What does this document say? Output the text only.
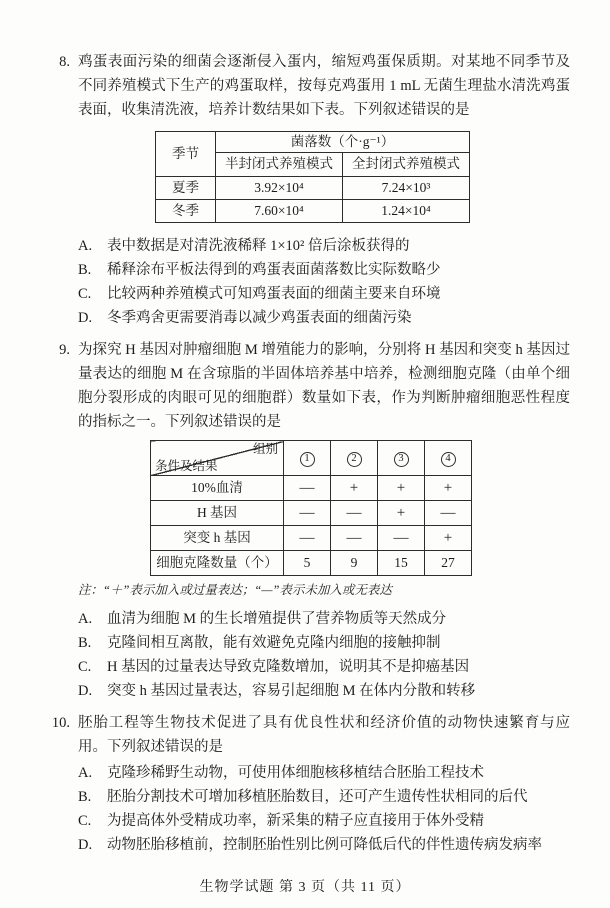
8. 鸡蛋表面污染的细菌会逐渐侵入蛋内，缩短鸡蛋保质期。对某地不同季节及不同养殖模式下生产的鸡蛋取样，按每克鸡蛋用 1 mL 无菌生理盐水清洗鸡蛋表面，收集清洗液，培养计数结果如下表。下列叙述错误的是

季节	菌落数（个·g⁻¹）	
	半封闭式养殖模式	全封闭式养殖模式
夏季	3.92×10⁴	7.24×10³
冬季	7.60×10⁴	1.24×10⁴
A.	表中数据是对清洗液稀释 1×10² 倍后涂板获得的
B.	稀释涂布平板法得到的鸡蛋表面菌落数比实际数略少
C.	比较两种养殖模式可知鸡蛋表面的细菌主要来自环境
D.	冬季鸡舍更需要消毒以减少鸡蛋表面的细菌污染
9. 为探究 H 基因对肿瘤细胞 M 增殖能力的影响，分别将 H 基因和突变 h 基因过量表达的细胞 M 在含琼脂的半固体培养基中培养，检测细胞克隆（由单个细胞分裂形成的肉眼可见的细胞群）数量如下表，作为判断肿瘤细胞恶性程度的指标之一。下列叙述错误的是

组别
条件及结果	1	2	3	4
10%血清	—	+	+	+
H 基因	—	—	+	—
突变 h 基因	—	—	—	+
细胞克隆数量（个）	5	9	15	27

注：“＋”表示加入或过量表达；“—”表示未加入或无表达

A.	血清为细胞 M 的生长增殖提供了营养物质等天然成分
B.	克隆间相互离散，能有效避免克隆内细胞的接触抑制
C.	H 基因的过量表达导致克隆数增加，说明其不是抑癌基因
D.	突变 h 基因过量表达，容易引起细胞 M 在体内分散和转移
10. 胚胎工程等生物技术促进了具有优良性状和经济价值的动物快速繁育与应用。下列叙述错误的是

A.	克隆珍稀野生动物，可使用体细胞核移植结合胚胎工程技术
B.	胚胎分割技术可增加移植胚胎数目，还可产生遗传性状相同的后代
C.	为提高体外受精成功率，新采集的精子应直接用于体外受精
D.	动物胚胎移植前，控制胚胎性别比例可降低后代的伴性遗传病发病率
生物学试题 第 3 页（共 11 页）
